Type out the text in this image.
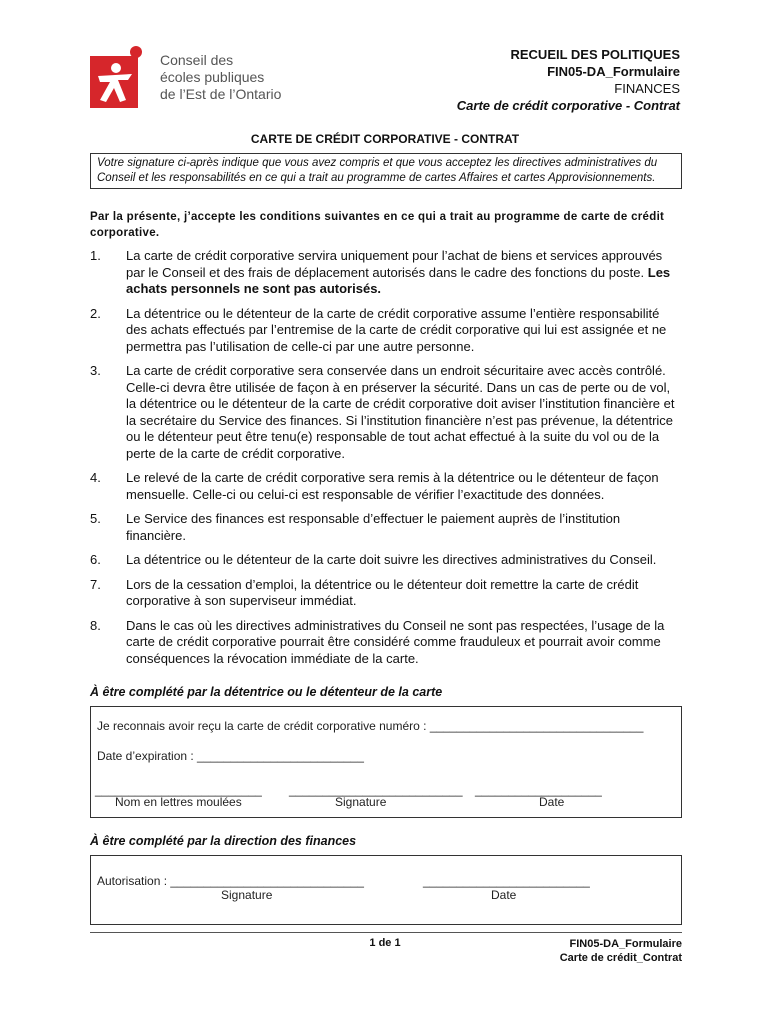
Conseil des
écoles publiques
de l’Est de l’Ontario
RECUEIL DES POLITIQUES
FIN05-DA_Formulaire
FINANCES
Carte de crédit corporative - Contrat
CARTE DE CRÉDIT CORPORATIVE - CONTRAT
Votre signature ci-après indique que vous avez compris et que vous acceptez les directives administratives du Conseil et les responsabilités en ce qui a trait au programme de cartes Affaires et cartes Approvisionnements.
Par la présente, j’accepte les conditions suivantes en ce qui a trait au programme de carte de crédit corporative.
1. La carte de crédit corporative servira uniquement pour l’achat de biens et services approuvés par le Conseil et des frais de déplacement autorisés dans le cadre des fonctions du poste. Les achats personnels ne sont pas autorisés.
2. La détentrice ou le détenteur de la carte de crédit corporative assume l’entière responsabilité des achats effectués par l’entremise de la carte de crédit corporative qui lui est assignée et ne permettra pas l’utilisation de celle-ci par une autre personne.
3. La carte de crédit corporative sera conservée dans un endroit sécuritaire avec accès contrôlé. Celle-ci devra être utilisée de façon à en préserver la sécurité. Dans un cas de perte ou de vol, la détentrice ou le détenteur de la carte de crédit corporative doit aviser l’institution financière et la secrétaire du Service des finances. Si l’institution financière n’est pas prévenue, la détentrice ou le détenteur peut être tenu(e) responsable de tout achat effectué à la suite du vol ou de la perte de la carte de crédit corporative.
4. Le relevé de la carte de crédit corporative sera remis à la détentrice ou le détenteur de façon mensuelle. Celle-ci ou celui-ci est responsable de vérifier l’exactitude des données.
5. Le Service des finances est responsable d’effectuer le paiement auprès de l’institution financière.
6. La détentrice ou le détenteur de la carte doit suivre les directives administratives du Conseil.
7. Lors de la cessation d’emploi, la détentrice ou le détenteur doit remettre la carte de crédit corporative à son superviseur immédiat.
8. Dans le cas où les directives administratives du Conseil ne sont pas respectées, l’usage de la carte de crédit corporative pourrait être considéré comme frauduleux et pourrait avoir comme conséquences la révocation immédiate de la carte.
À être complété par la détentrice ou le détenteur de la carte
Je reconnais avoir reçu la carte de crédit corporative numéro : ________________________________
Date d’expiration : _________________________
_________________________ __________________________ ___________________
Nom en lettres moulées	Signature	Date
À être complété par la direction des finances
Autorisation : _____________________________	_________________________
Signature	Date
1 de 1	FIN05-DA_Formulaire
Carte de crédit_Contrat
